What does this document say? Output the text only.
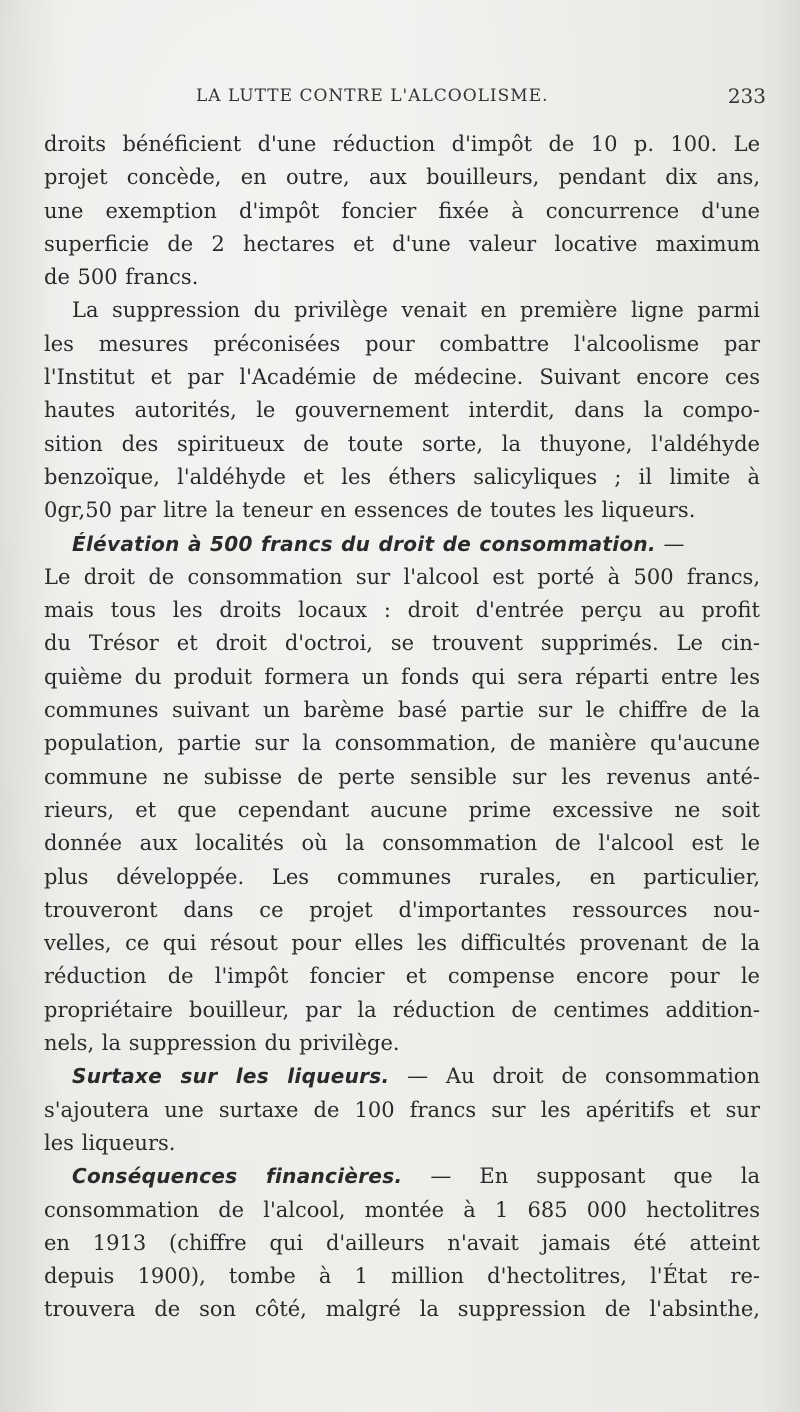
LA LUTTE CONTRE L'ALCOOLISME.	233
droits bénéficient d'une réduction d'impôt de 10 p. 100. Le
projet concède, en outre, aux bouilleurs, pendant dix ans,
une exemption d'impôt foncier fixée à concurrence d'une
superficie de 2 hectares et d'une valeur locative maximum
de 500 francs.
La suppression du privilège venait en première ligne parmi
les mesures préconisées pour combattre l'alcoolisme par
l'Institut et par l'Académie de médecine. Suivant encore ces
hautes autorités, le gouvernement interdit, dans la compo-
sition des spiritueux de toute sorte, la thuyone, l'aldéhyde
benzoïque, l'aldéhyde et les éthers salicyliques ; il limite à
0gr,50 par litre la teneur en essences de toutes les liqueurs.
Élévation à 500 francs du droit de consommation. —
Le droit de consommation sur l'alcool est porté à 500 francs,
mais tous les droits locaux : droit d'entrée perçu au profit
du Trésor et droit d'octroi, se trouvent supprimés. Le cin-
quième du produit formera un fonds qui sera réparti entre les
communes suivant un barème basé partie sur le chiffre de la
population, partie sur la consommation, de manière qu'aucune
commune ne subisse de perte sensible sur les revenus anté-
rieurs, et que cependant aucune prime excessive ne soit
donnée aux localités où la consommation de l'alcool est le
plus développée. Les communes rurales, en particulier,
trouveront dans ce projet d'importantes ressources nou-
velles, ce qui résout pour elles les difficultés provenant de la
réduction de l'impôt foncier et compense encore pour le
propriétaire bouilleur, par la réduction de centimes addition-
nels, la suppression du privilège.
Surtaxe sur les liqueurs. — Au droit de consommation
s'ajoutera une surtaxe de 100 francs sur les apéritifs et sur
les liqueurs.
Conséquences financières. — En supposant que la
consommation de l'alcool, montée à 1 685 000 hectolitres
en 1913 (chiffre qui d'ailleurs n'avait jamais été atteint
depuis 1900), tombe à 1 million d'hectolitres, l'État re-
trouvera de son côté, malgré la suppression de l'absinthe,
